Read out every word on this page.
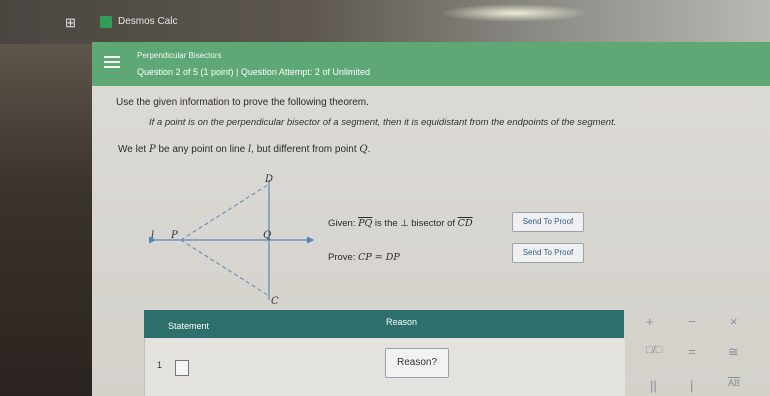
⊞	Desmos Calc
Perpendicular Bisectors
Question 2 of 5 (1 point) | Question Attempt: 2 of Unlimited
Use the given information to prove the following theorem.
If a point is on the perpendicular bisector of a segment, then it is equidistant from the endpoints of the segment.
We let P be any point on line l, but different from point Q.
D
l P	Q
C
Given: $\overline{PQ}$ is the ⊥ bisector of $\overline{CD}$	Send To Proof
Prove: CP = DP	Send To Proof
Statement	Reason
1	Reason?
+	−	×
□/□ = ≅
||	|	$\overline{AB}$
